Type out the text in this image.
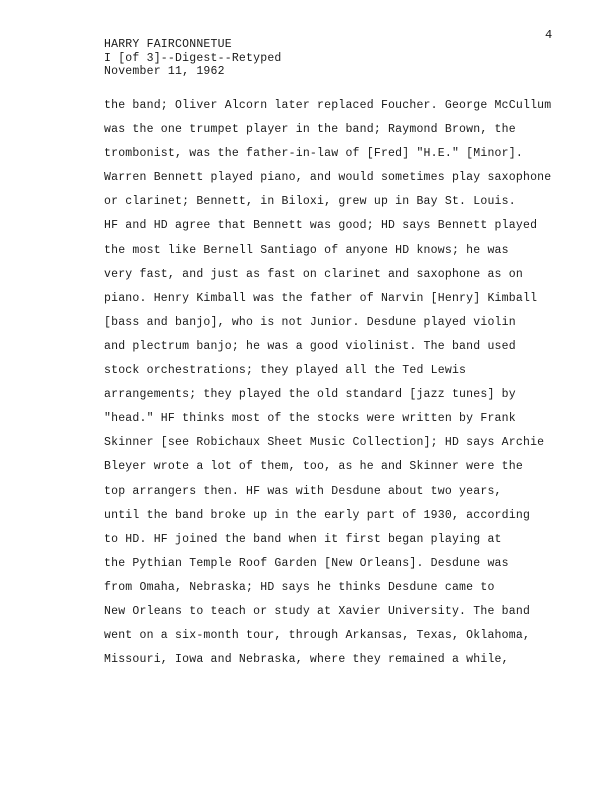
4
HARRY FAIRCONNETUE
I [of 3]--Digest--Retyped
November 11, 1962
the band; Oliver Alcorn later replaced Foucher. George McCullum
was the one trumpet player in the band; Raymond Brown, the
trombonist, was the father-in-law of [Fred] "H.E." [Minor].
Warren Bennett played piano, and would sometimes play saxophone
or clarinet; Bennett, in Biloxi, grew up in Bay St. Louis.
HF and HD agree that Bennett was good; HD says Bennett played
the most like Bernell Santiago of anyone HD knows; he was
very fast, and just as fast on clarinet and saxophone as on
piano. Henry Kimball was the father of Narvin [Henry] Kimball
[bass and banjo], who is not Junior. Desdune played violin
and plectrum banjo; he was a good violinist. The band used
stock orchestrations; they played all the Ted Lewis
arrangements; they played the old standard [jazz tunes] by
"head." HF thinks most of the stocks were written by Frank
Skinner [see Robichaux Sheet Music Collection]; HD says Archie
Bleyer wrote a lot of them, too, as he and Skinner were the
top arrangers then. HF was with Desdune about two years,
until the band broke up in the early part of 1930, according
to HD. HF joined the band when it first began playing at
the Pythian Temple Roof Garden [New Orleans]. Desdune was
from Omaha, Nebraska; HD says he thinks Desdune came to
New Orleans to teach or study at Xavier University. The band
went on a six-month tour, through Arkansas, Texas, Oklahoma,
Missouri, Iowa and Nebraska, where they remained a while,
